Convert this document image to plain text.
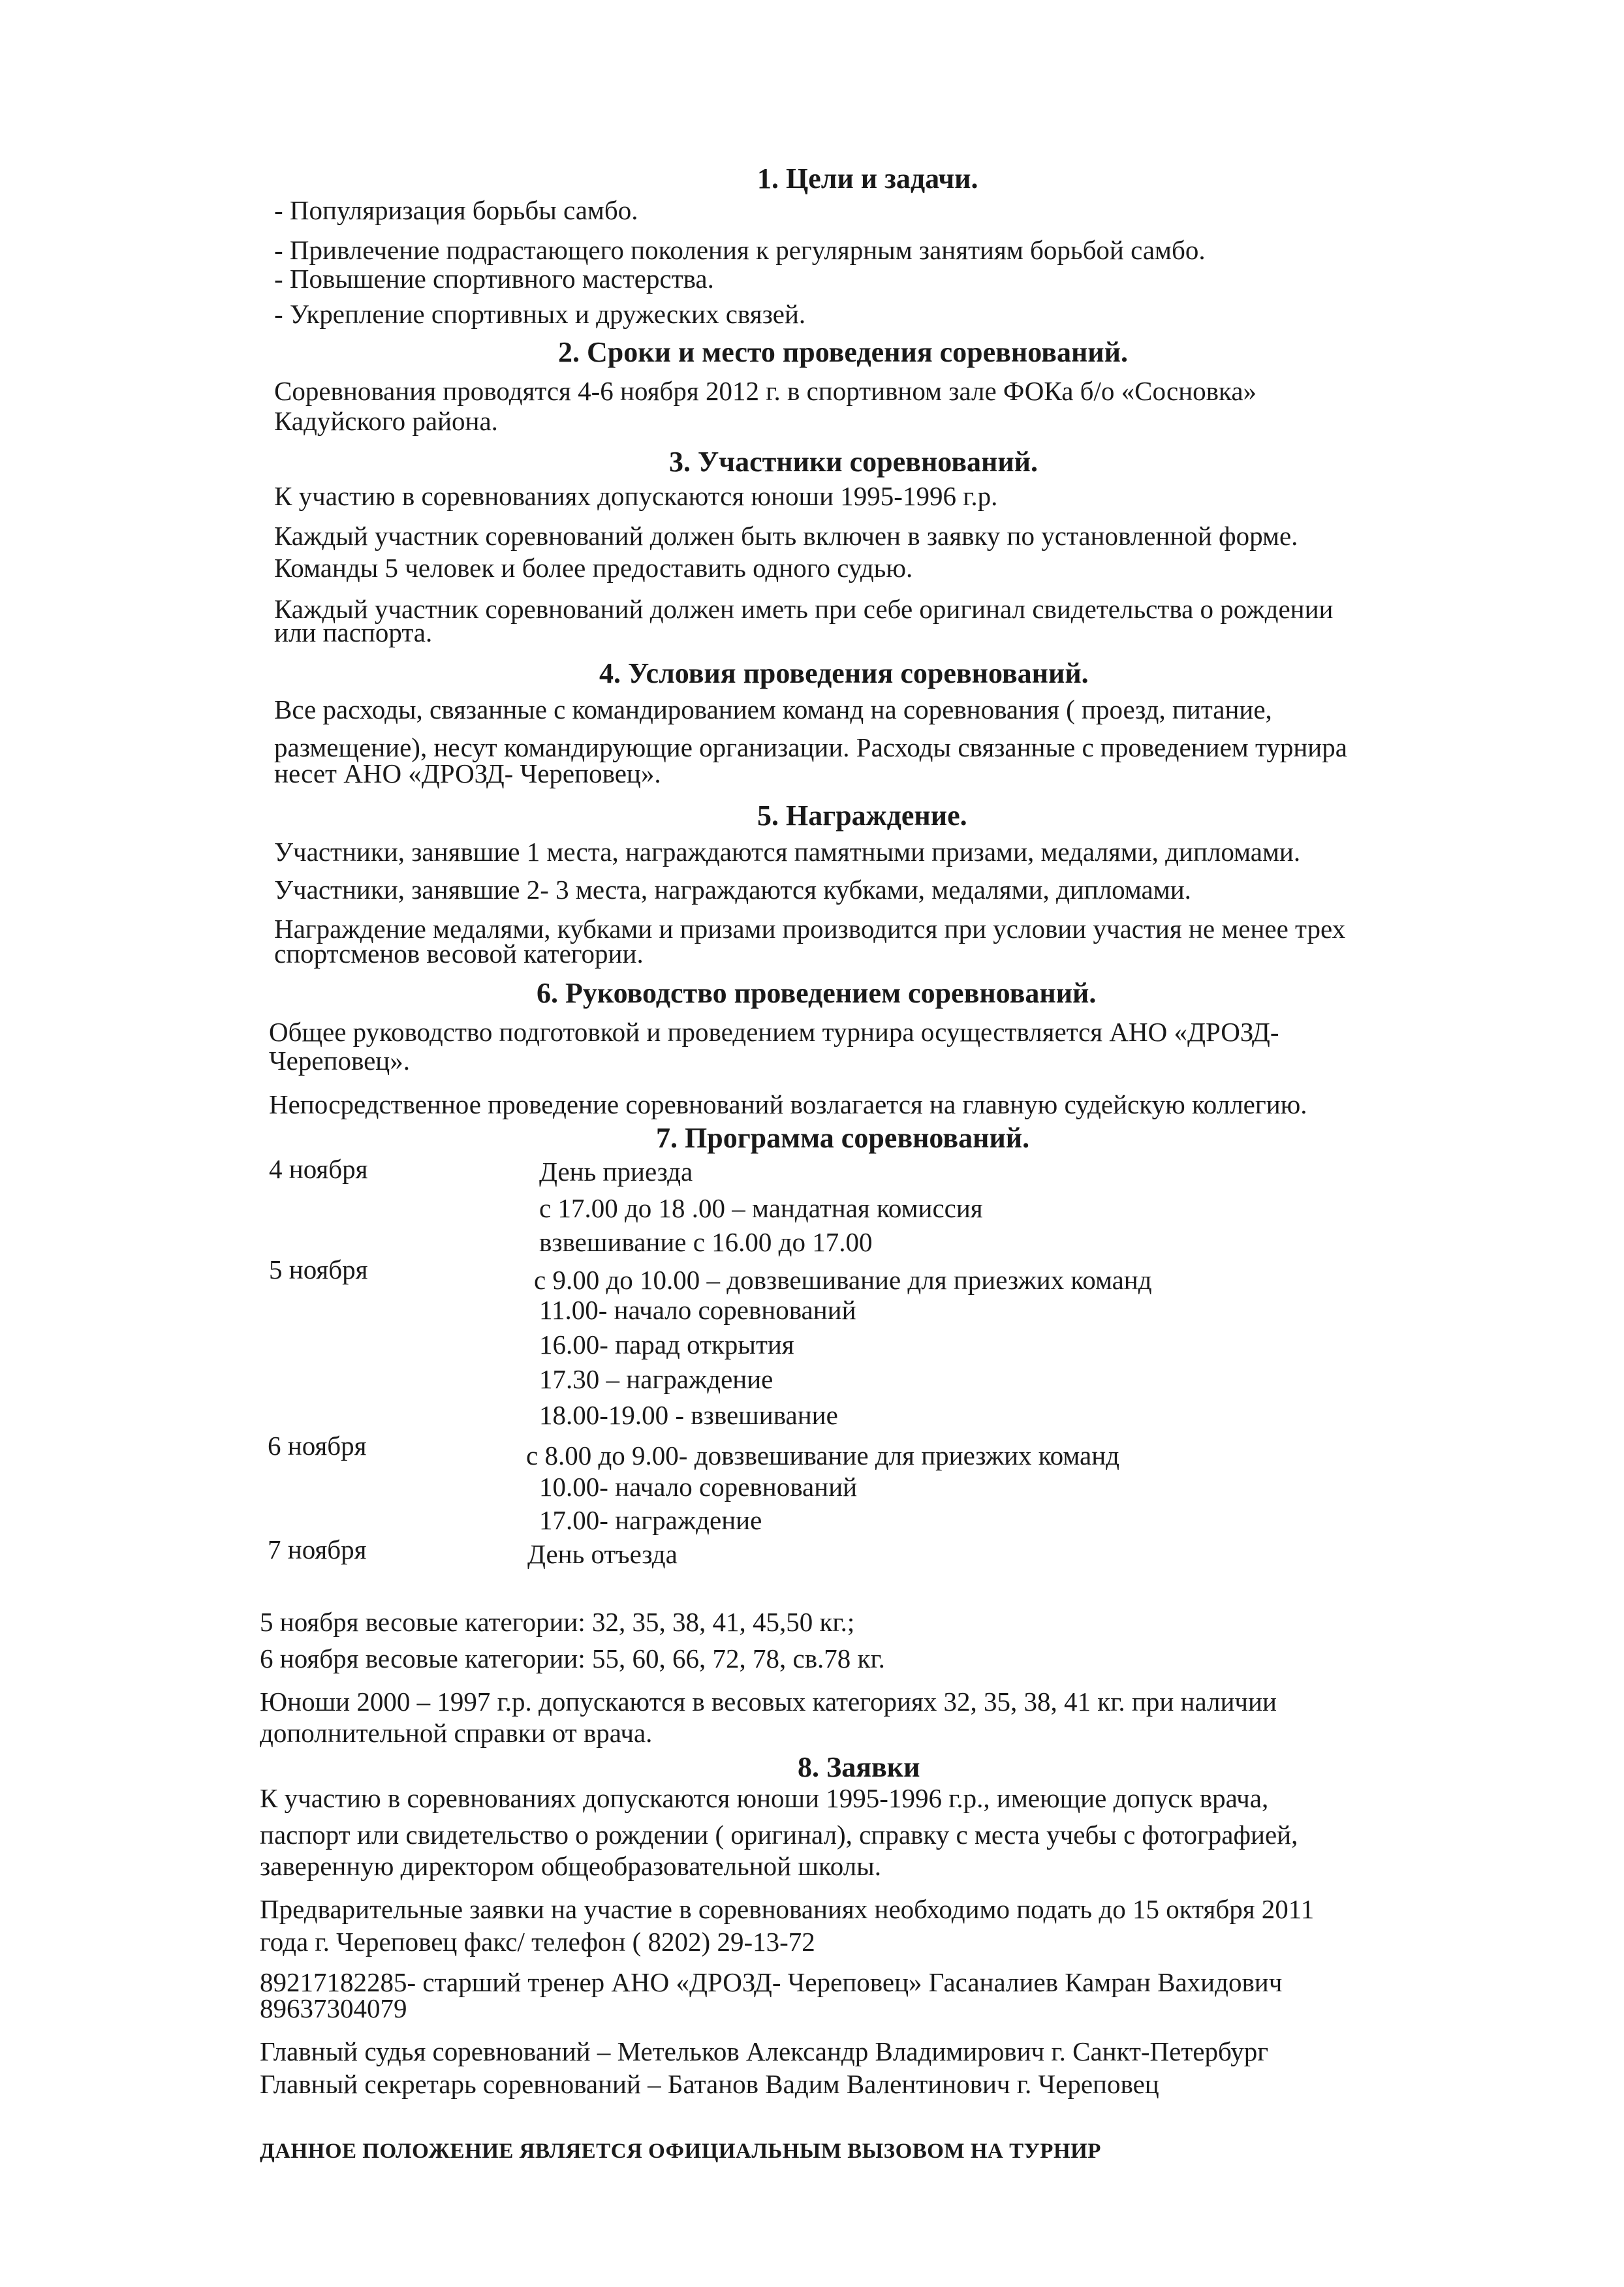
1. Цели и задачи.
- Популяризация борьбы самбо.
- Привлечение подрастающего поколения к регулярным занятиям борьбой самбо.
- Повышение спортивного мастерства.
- Укрепление спортивных и дружеских связей.
2. Сроки и место проведения соревнований.
Соревнования проводятся 4-6 ноября 2012 г. в спортивном зале ФОКа б/о «Сосновка»
Кадуйского района.
3. Участники соревнований.
К участию в соревнованиях допускаются юноши 1995-1996 г.р.
Каждый участник соревнований должен быть включен в заявку по установленной форме.
Команды 5 человек и более предоставить одного судью.
Каждый участник соревнований должен иметь при себе оригинал свидетельства о рождении
или паспорта.
4. Условия проведения соревнований.
Все расходы, связанные с командированием команд на соревнования ( проезд, питание,
размещение), несут командирующие организации. Расходы связанные с проведением турнира
несет АНО «ДРОЗД- Череповец».
5. Награждение.
Участники, занявшие 1 места, награждаются памятными призами, медалями, дипломами.
Участники, занявшие 2- 3 места, награждаются кубками, медалями, дипломами.
Награждение медалями, кубками и призами производится при условии участия не менее трех
спортсменов весовой категории.
6. Руководство проведением соревнований.
Общее руководство подготовкой и проведением турнира осуществляется АНО «ДРОЗД-
Череповец».
Непосредственное проведение соревнований возлагается на главную судейскую коллегию.
7. Программа соревнований.
4 ноября	День приезда
с 17.00 до 18 .00 – мандатная комиссия
взвешивание с 16.00 до 17.00
5 ноября	с 9.00 до 10.00 – довзвешивание для приезжих команд
11.00- начало соревнований
16.00- парад открытия
17.30 – награждение
18.00-19.00 - взвешивание
6 ноября	с 8.00 до 9.00- довзвешивание для приезжих команд
10.00- начало соревнований
17.00- награждение
7 ноября	День отъезда
5 ноября весовые категории: 32, 35, 38, 41, 45,50 кг.;
6 ноября весовые категории: 55, 60, 66, 72, 78, св.78 кг.
Юноши 2000 – 1997 г.р. допускаются в весовых категориях 32, 35, 38, 41 кг. при наличии
дополнительной справки от врача.
8. Заявки
К участию в соревнованиях допускаются юноши 1995-1996 г.р., имеющие допуск врача,
паспорт или свидетельство о рождении ( оригинал), справку с места учебы с фотографией,
заверенную директором общеобразовательной школы.
Предварительные заявки на участие в соревнованиях необходимо подать до 15 октября 2011
года г. Череповец факс/ телефон ( 8202) 29-13-72
89217182285- старший тренер АНО «ДРОЗД- Череповец» Гасаналиев Камран Вахидович
89637304079
Главный судья соревнований – Метельков Александр Владимирович г. Санкт-Петербург
Главный секретарь соревнований – Батанов Вадим Валентинович г. Череповец
ДАННОЕ ПОЛОЖЕНИЕ ЯВЛЯЕТСЯ ОФИЦИАЛЬНЫМ ВЫЗОВОМ НА ТУРНИР
